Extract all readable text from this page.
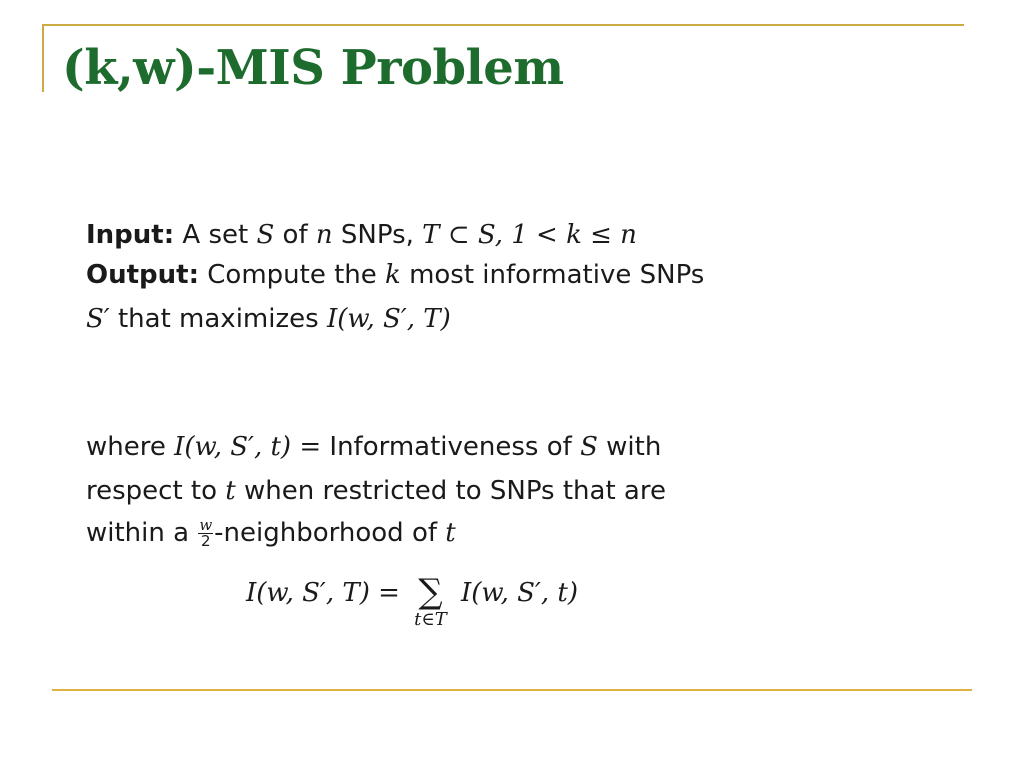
(k,w)-MIS Problem
Input: A set S of n SNPs, T ⊂ S, 1 < k ≤ n
Output: Compute the k most informative SNPs
S′ that maximizes I(w, S′, T)
where I(w, S′, t) = Informativeness of S with
respect to t when restricted to SNPs that are
within a $\frac{w}{2}$ -neighborhood of t
I(w, S′, T) = ∑
t∈T
I(w, S′, t)
